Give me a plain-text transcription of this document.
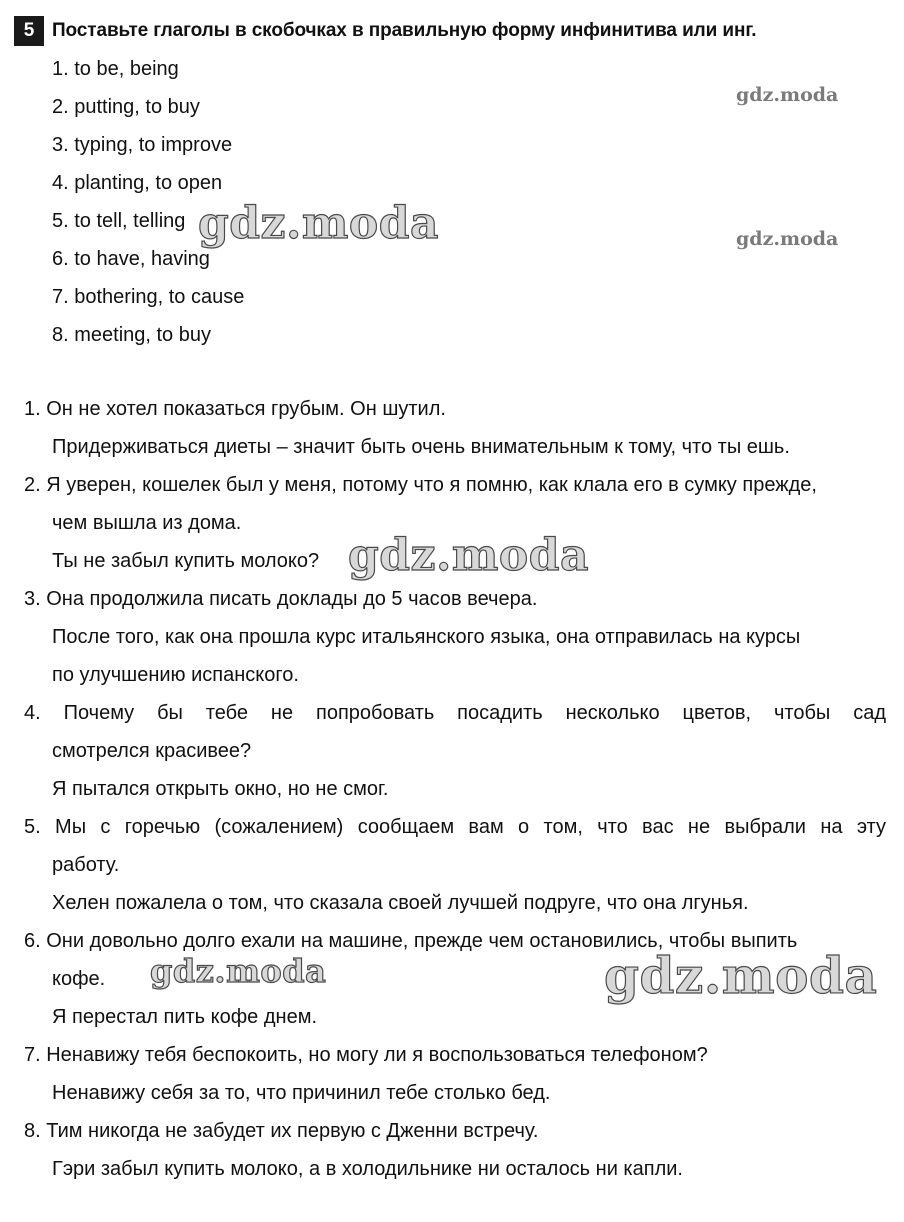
5 Поставьте глаголы в скобочках в правильную форму инфинитива или инг.
1. to be, being
2. putting, to buy
3. typing, to improve
4. planting, to open
5. to tell, telling
6. to have, having
7. bothering, to cause
8. meeting, to buy
1. Он не хотел показаться грубым. Он шутил.
Придерживаться диеты – значит быть очень внимательным к тому, что ты ешь.
2. Я уверен, кошелек был у меня, потому что я помню, как клала его в сумку прежде,
чем вышла из дома.
Ты не забыл купить молоко?
3. Она продолжила писать доклады до 5 часов вечера.
После того, как она прошла курс итальянского языка, она отправилась на курсы
по улучшению испанского.
4. Почему бы тебе не попробовать посадить несколько цветов, чтобы сад
смотрелся красивее?
Я пытался открыть окно, но не смог.
5. Мы с горечью (сожалением) сообщаем вам о том, что вас не выбрали на эту
работу.
Хелен пожалела о том, что сказала своей лучшей подруге, что она лгунья.
6. Они довольно долго ехали на машине, прежде чем остановились, чтобы выпить
кофе.
Я перестал пить кофе днем.
7. Ненавижу тебя беспокоить, но могу ли я воспользоваться телефоном?
Ненавижу себя за то, что причинил тебе столько бед.
8. Тим никогда не забудет их первую с Дженни встречу.
Гэри забыл купить молоко, а в холодильнике ни осталось ни капли.
gdz.moda
gdz.moda	gdz.moda
gdz.moda
gdz.moda	gdz.moda
